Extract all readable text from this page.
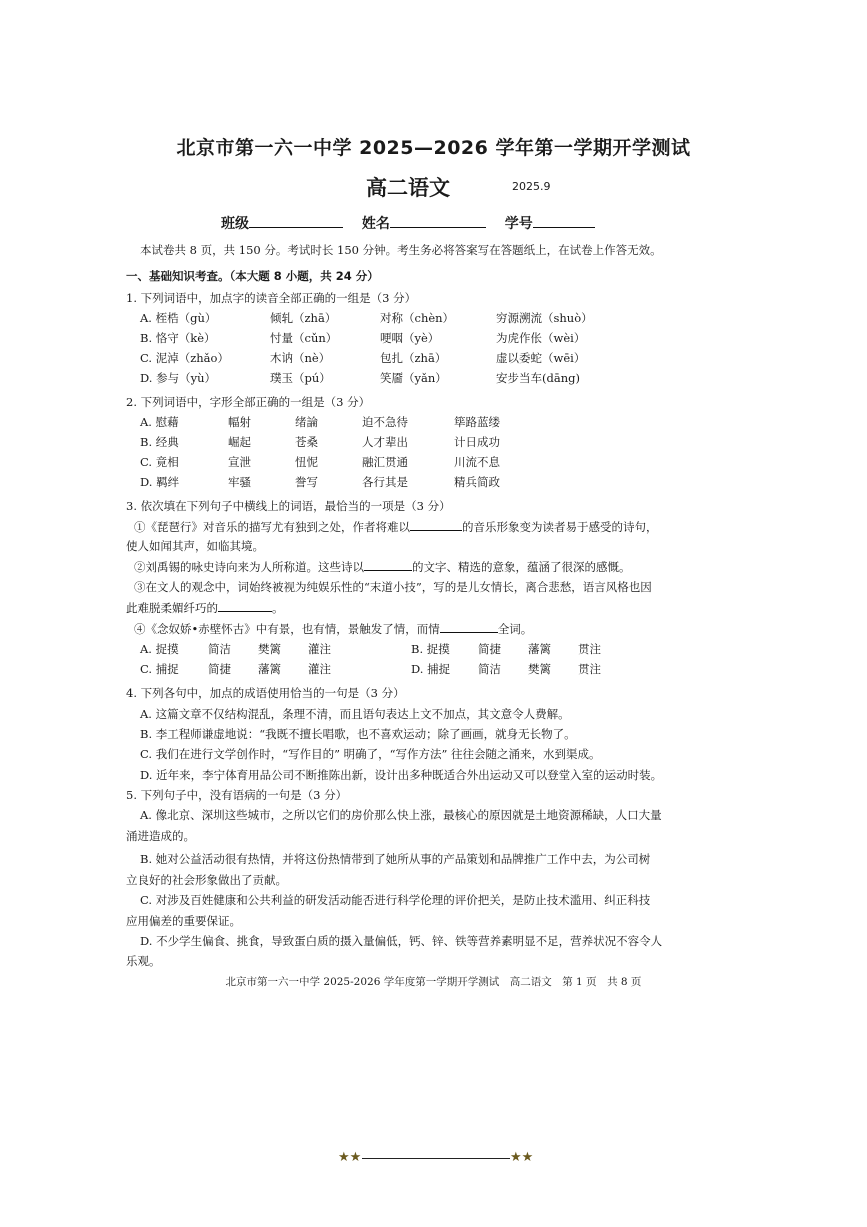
北京市第一六一中学 2025—2026 学年第一学期开学测试
高二语文	2025.9
班级	姓名	学号
本试卷共 8 页，共 150 分。考试时长 150 分钟。考生务必将答案写在答题纸上，在试卷上作答无效。
一、基础知识考查。（本大题 8 小题，共 24 分）
1. 下列词语中，加点字的读音全部正确的一组是（3 分）
A. 桎梏（gù）	倾轧（zhā）	对称（chèn）	穷源溯流（shuò）
B. 恪守（kè）	忖量（cǔn）	哽咽（yè）	为虎作伥（wèi）
C. 泥淖（zhǎo）	木讷（nè）	包扎（zhā）	虚以委蛇（wēi）
D. 参与（yù）	璞玉（pú）	笑靥（yǎn）	安步当车(dāng)
2. 下列词语中，字形全部正确的一组是（3 分）
A. 慰藉	幅射	绪論	迫不急待	筚路蓝缕
B. 经典	崛起	苍桑	人才辈出	计日成功
C. 竟相	宣泄	忸怩	融汇贯通	川流不息
D. 羁绊	牢骚	誊写	各行其是	精兵简政
3. 依次填在下列句子中横线上的词语，最恰当的一项是（3 分）
①《琵琶行》对音乐的描写尤有独到之处，作者将难以	的音乐形象变为读者易于感受的诗句，
使人如闻其声，如临其境。
②刘禹锡的咏史诗向来为人所称道。这些诗以	的文字、精选的意象，蕴涵了很深的感慨。
③在文人的观念中，词始终被视为纯娱乐性的“末道小技”，写的是儿女情长，离合悲愁，语言风格也因
此难脱柔媚纤巧的	。
④《念奴娇•赤壁怀古》中有景，也有情，景触发了情，而情	全词。
A. 捉摸	简洁 樊篱 灌注	B. 捉摸 简捷 藩篱 贯注
C. 捕捉	简捷 藩篱 灌注	D. 捕捉 简洁 樊篱 贯注
4. 下列各句中，加点的成语使用恰当的一句是（3 分）
A. 这篇文章不仅结构混乱，条理不清，而且语句表达上文不加点，其文意令人费解。
B. 李工程师谦虚地说：“我既不擅长唱歌，也不喜欢运动；除了画画，就身无长物了。
C. 我们在进行文学创作时，“写作目的” 明确了，“写作方法” 往往会随之涌来，水到渠成。
D. 近年来，李宁体育用品公司不断推陈出新，设计出多种既适合外出运动又可以登堂入室的运动时装。
5. 下列句子中，没有语病的一句是（3 分）
A. 像北京、深圳这些城市，之所以它们的房价那么快上涨，最核心的原因就是土地资源稀缺，人口大量
涌进造成的。
B. 她对公益活动很有热情，并将这份热情带到了她所从事的产品策划和品牌推广工作中去，为公司树
立良好的社会形象做出了贡献。
C. 对涉及百姓健康和公共利益的研发活动能否进行科学伦理的评价把关，是防止技术滥用、纠正科技
应用偏差的重要保证。
D. 不少学生偏食、挑食，导致蛋白质的摄入量偏低，钙、锌、铁等营养素明显不足，营养状况不容令人
乐观。
北京市第一六一中学 2025-2026 学年度第一学期开学测试　高二语文　第 1 页　共 8 页
★★	★★
